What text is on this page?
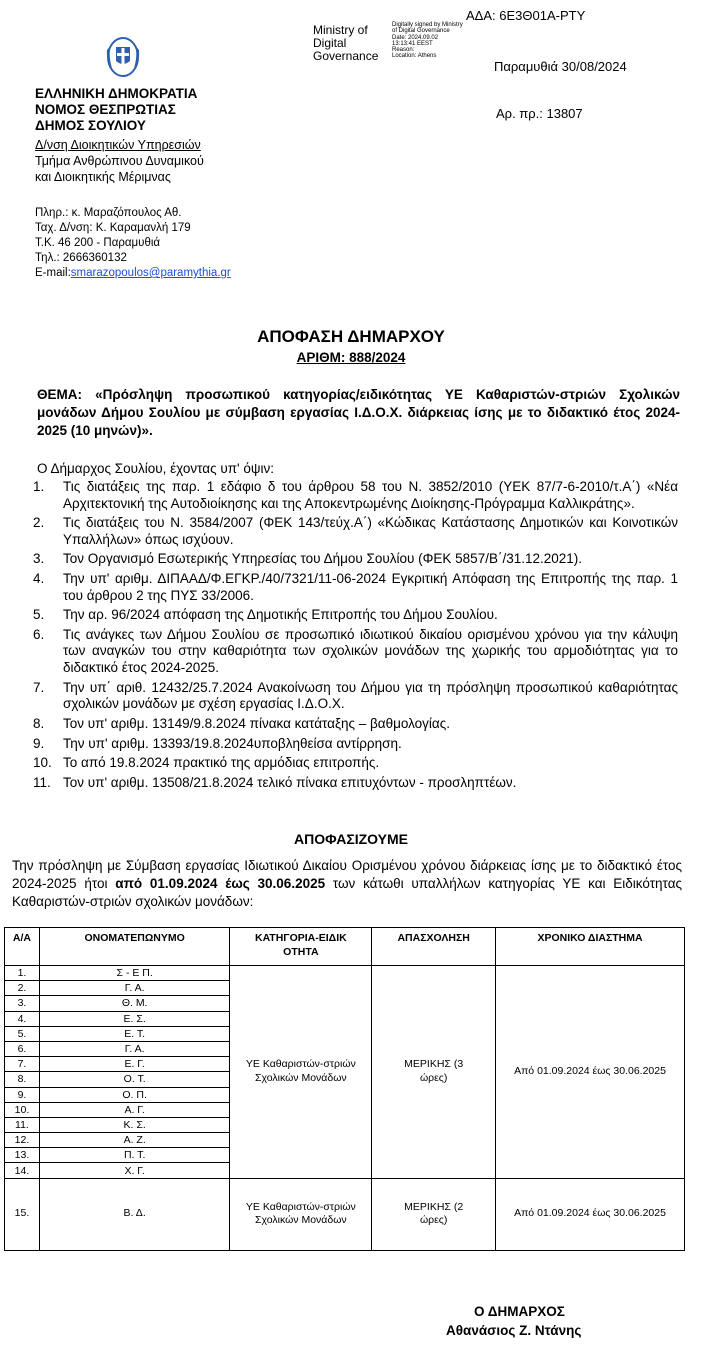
ΕΛΛΗΝΙΚΗ ΔΗΜΟΚΡΑΤΙΑ
ΝΟΜΟΣ ΘΕΣΠΡΩΤΙΑΣ
ΔΗΜΟΣ ΣΟΥΛΙΟΥ
Δ/νση Διοικητικών Υπηρεσιών
Τμήμα Ανθρώπινου Δυναμικού
και Διοικητικής Μέριμνας
Πληρ.: κ. Μαραζόπουλος Αθ.
Ταχ. Δ/νση: Κ. Καραμανλή 179
Τ.Κ. 46 200 - Παραμυθιά
Τηλ.: 2666360132
E-mail:smarazopoulos@paramythia.gr
Ministry of
Digital
Governance
Digitally signed by Ministry
of Digital Governance
Date: 2024.09.02
13:13:41 EEST
Reason:
Location: Athens
ΑΔΑ: 6Ε3Θ01Α-ΡΤΥ
Παραμυθιά 30/08/2024
Αρ. πρ.: 13807
ΑΠΟΦΑΣΗ ΔΗΜΑΡΧΟΥ
ΑΡΙΘΜ: 888/2024
ΘΕΜΑ: «Πρόσληψη προσωπικού κατηγορίας/ειδικότητας ΥΕ Καθαριστών-στριών Σχολικών μονάδων Δήμου Σουλίου με σύμβαση εργασίας Ι.Δ.Ο.Χ. διάρκειας ίσης με το διδακτικό έτος 2024-2025 (10 μηνών)».
Ο Δήμαρχος Σουλίου, έχοντας υπ' όψιν:
1. Τις διατάξεις της παρ. 1 εδάφιο δ του άρθρου 58 του Ν. 3852/2010 (ΥΕΚ 87/7-6-2010/τ.Α΄) «Νέα Αρχιτεκτονική της Αυτοδιοίκησης και της Αποκεντρωμένης Διοίκησης-Πρόγραμμα Καλλικράτης».
2. Τις διατάξεις του Ν. 3584/2007 (ΦΕΚ 143/τεύχ.Α΄) «Κώδικας Κατάστασης Δημοτικών και Κοινοτικών Υπαλλήλων» όπως ισχύουν.
3. Τον Οργανισμό Εσωτερικής Υπηρεσίας του Δήμου Σουλίου (ΦΕΚ 5857/Β΄/31.12.2021).
4. Την υπ' αριθμ. ΔΙΠΑΑΔ/Φ.ΕΓΚΡ./40/7321/11-06-2024 Εγκριτική Απόφαση της Επιτροπής της παρ. 1 του άρθρου 2 της ΠΥΣ 33/2006.
5. Την αρ. 96/2024 απόφαση της Δημοτικής Επιτροπής του Δήμου Σουλίου.
6. Τις ανάγκες των Δήμου Σουλίου σε προσωπικό ιδιωτικού δικαίου ορισμένου χρόνου για την κάλυψη των αναγκών του στην καθαριότητα των σχολικών μονάδων της χωρικής του αρμοδιότητας για το διδακτικό έτος 2024-2025.
7. Την υπ΄ αριθ. 12432/25.7.2024 Ανακοίνωση του Δήμου για τη πρόσληψη προσωπικού καθαριότητας σχολικών μονάδων με σχέση εργασίας Ι.Δ.Ο.Χ.
8. Τον υπ' αριθμ. 13149/9.8.2024 πίνακα κατάταξης – βαθμολογίας.
9. Την υπ' αριθμ. 13393/19.8.2024υποβληθείσα αντίρρηση.
10. Το από 19.8.2024 πρακτικό της αρμόδιας επιτροπής.
11. Τον υπ' αριθμ. 13508/21.8.2024 τελικό πίνακα επιτυχόντων - προσληπτέων.
ΑΠΟΦΑΣΙΖΟΥΜΕ
Την πρόσληψη με Σύμβαση εργασίας Ιδιωτικού Δικαίου Ορισμένου χρόνου διάρκειας ίσης με το διδακτικό έτος 2024-2025 ήτοι από 01.09.2024 έως 30.06.2025 των κάτωθι υπαλλήλων κατηγορίας ΥΕ και Ειδικότητας Καθαριστών-στριών σχολικών μονάδων:
Α/Α	ΟΝΟΜΑΤΕΠΩΝΥΜΟ	ΚΑΤΗΓΟΡΙΑ-ΕΙΔΙΚΟΤΗΤΑ	ΑΠΑΣΧΟΛΗΣΗ	ΧΡΟΝΙΚΟ ΔΙΑΣΤΗΜΑ
1.	Σ - Ε Π.	ΥΕ Καθαριστών-στριών Σχολικών Μονάδων	ΜΕΡΙΚΗΣ (3 ώρες)	Από 01.09.2024 έως 30.06.2025

2.	Γ. Α.			
3.	Θ. Μ.			
4.	Ε. Σ.			
5.	Ε. Τ.			
6.	Γ. Α.			
7.	Ε. Γ.			
8.	Ο. Τ.			
9.	Ο. Π.			
10.	Α. Γ.			
11.	Κ. Σ.			
12.	Α. Ζ.			
13.	Π. Τ.			
14.	Χ. Γ.			

15.	Β. Δ.	ΥΕ Καθαριστών-στριών Σχολικών Μονάδων	ΜΕΡΙΚΗΣ (2 ώρες)	Από 01.09.2024 έως 30.06.2025
Ο ΔΗΜΑΡΧΟΣ
Αθανάσιος Ζ. Ντάνης
